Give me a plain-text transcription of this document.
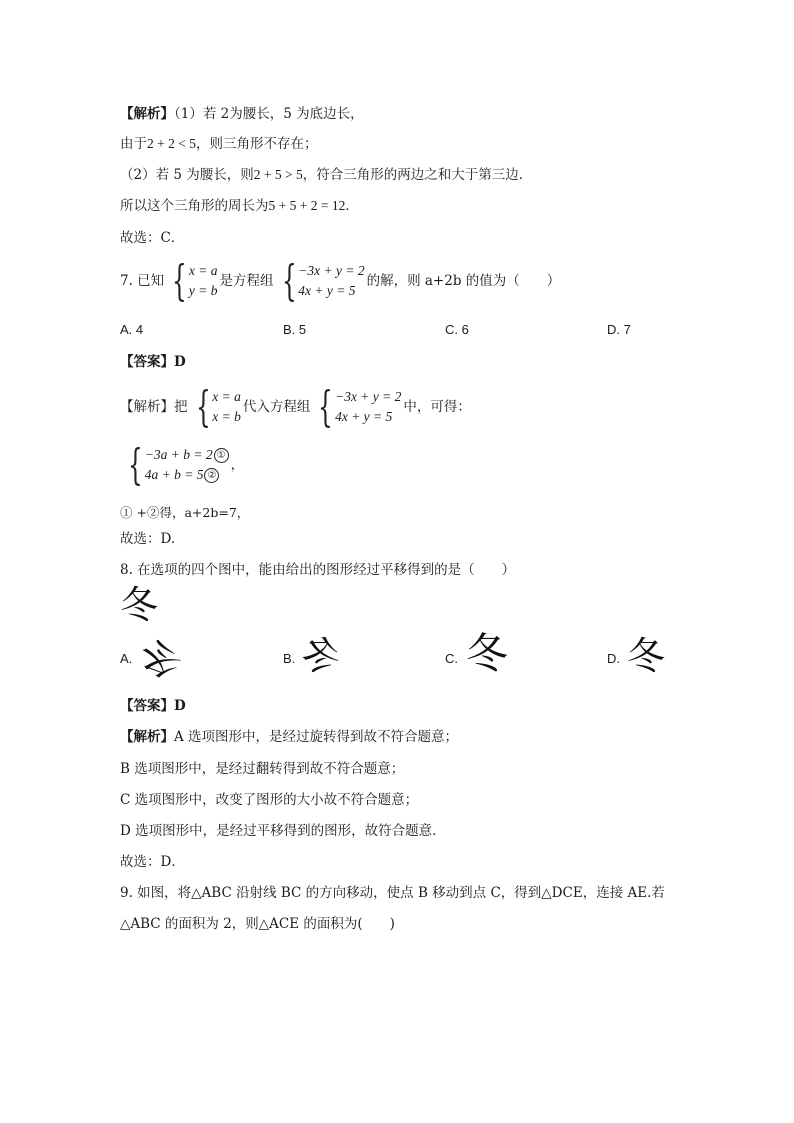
【解析】（1）若 2为腰长，5 为底边长，
由于2 + 2 < 5，则三角形不存在；
（2）若 5 为腰长，则2 + 5 > 5，符合三角形的两边之和大于第三边．
所以这个三角形的周长为5 + 5 + 2 = 12．
故选：C．
7. 已知 { x = a
y = b
是方程组 { −3x + y = 2
4x + y = 5
的解，则 a+2b 的值为（　　）
A. 4	B. 5	C. 6	D. 7
【答案】D
【解析】把 { x = a
x = b
代入方程组 { −3x + y = 2
4x + y = 5
中，可得：
{ −3a + b = 2 ①
4a + b = 5 ②
，
① +②得，a+2b=7，
故选：D.
8. 在选项的四个图中，能由给出的图形经过平移得到的是（　　）
冬
A. 冬	B. 冬	C. 冬	D. 冬
【答案】D
【解析】A 选项图形中，是经过旋转得到故不符合题意；
B 选项图形中，是经过翻转得到故不符合题意；
C 选项图形中，改变了图形的大小故不符合题意；
D 选项图形中，是经过平移得到的图形，故符合题意．
故选：D．
9. 如图，将△ABC 沿射线 BC 的方向移动，使点 B 移动到点 C，得到△DCE，连接 AE.若
△ABC 的面积为 2，则△ACE 的面积为(　　)
